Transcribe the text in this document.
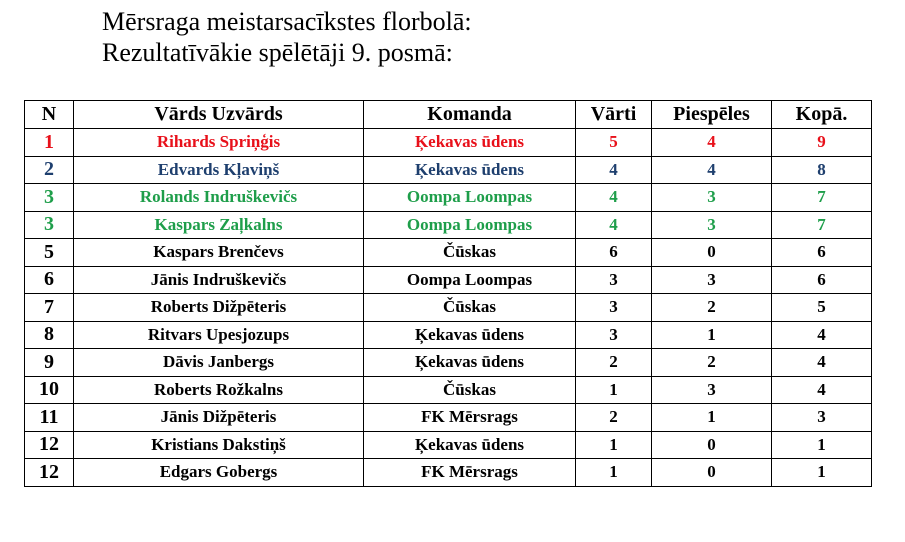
Mērsraga meistarsacīkstes florbolā:
Rezultatīvākie spēlētāji 9. posmā:
N	Vārds Uzvārds	Komanda	Vārti	Piespēles	Kopā.
1	Rihards Spriņģis	Ķekavas ūdens	5	4	9
2	Edvards Kļaviņš	Ķekavas ūdens	4	4	8
3	Rolands Indruškevičs	Oompa Loompas	4	3	7
3	Kaspars Zaļkalns	Oompa Loompas	4	3	7
5	Kaspars Brenčevs	Čūskas	6	0	6
6	Jānis Indruškevičs	Oompa Loompas	3	3	6
7	Roberts Dižpēteris	Čūskas	3	2	5
8	Ritvars Upesjozups	Ķekavas ūdens	3	1	4
9	Dāvis Janbergs	Ķekavas ūdens	2	2	4
10	Roberts Rožkalns	Čūskas	1	3	4
11	Jānis Dižpēteris	FK Mērsrags	2	1	3
12	Kristians Dakstiņš	Ķekavas ūdens	1	0	1
12	Edgars Gobergs	FK Mērsrags	1	0	1
